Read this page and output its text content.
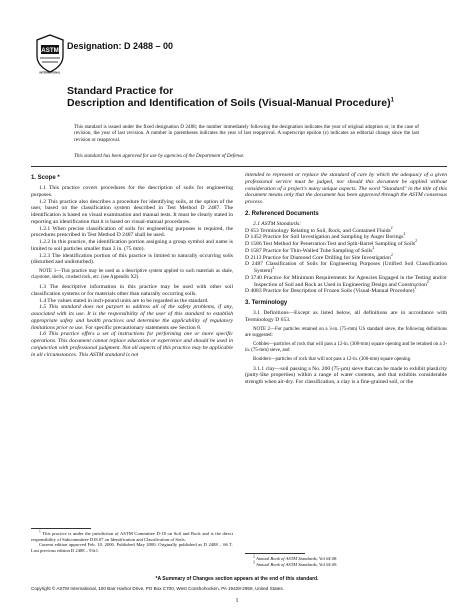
ASTM
INTERNATIONAL
Designation: D 2488 – 00
Standard Practice for
Description and Identification of Soils (Visual-Manual Procedure)$^1$
This standard is issued under the fixed designation D 2488; the number immediately following the designation indicates the year of original adoption or, in the case of revision, the year of last revision. A number in parentheses indicates the year of last reapproval. A superscript epsilon (ε) indicates an editorial change since the last revision or reapproval.
This standard has been approved for use by agencies of the Department of Defense.

1. Scope *

1.1 This practice covers procedures for the description of soils for engineering purposes.

1.2 This practice also describes a procedure for identifying soils, at the option of the user, based on the classification system described in Test Method D 2487. The identification is based on visual examination and manual tests. It must be clearly stated in reporting an identification that it is based on visual-manual procedures.

1.2.1 When precise classification of soils for engineering purposes is required, the procedures prescribed in Test Method D 2487 shall be used.

1.2.2 In this practice, the identification portion assigning a group symbol and name is limited to soil particles smaller than 3 in. (75 mm).

1.2.3 The identification portion of this practice is limited to naturally occurring soils (disturbed and undisturbed).

NOTE 1—This practice may be used as a descriptive system applied to such materials as shale, claystone, shells, crushed rock, etc. (see Appendix X2).

1.3 The descriptive information in this practice may be used with other soil classification systems or for materials other than naturally occurring soils.

1.4 The values stated in inch-pound units are to be regarded as the standard.

1.5 This standard does not purport to address all of the safety problems, if any, associated with its use. It is the responsibility of the user of this standard to establish appropriate safety and health practices and determine the applicability of regulatory limitations prior to use. For specific precautionary statements see Section 8.

1.6 This practice offers a set of instructions for performing one or more specific operations. This document cannot replace education or experience and should be used in conjunction with professional judgment. Not all aspects of this practice may be applicable in all circumstances. This ASTM standard is not

$^1$ This practice is under the jurisdiction of ASTM Committee D-18 on Soil and Rock and is the direct responsibility of Subcommittee D18.07 on Identification and Classification of Soils.

Current edition approved Feb. 10, 2000. Published May 2000. Originally published as D 2488 – 66 T. Last previous edition D 2488 – 93ε1.

intended to represent or replace the standard of care by which the adequacy of a given professional service must be judged, nor should this document be applied without consideration of a project's many unique aspects. The word "Standard" in the title of this document means only that the document has been approved through the ASTM consensus process.

2. Referenced Documents

2.1 ASTM Standards:

D 653 Terminology Relating to Soil, Rock, and Contained Fluids$^2$

D 1452 Practice for Soil Investigation and Sampling by Auger Borings$^2$

D 1586 Test Method for Penetration Test and Split-Barrel Sampling of Soils$^2$

D 1587 Practice for Thin-Walled Tube Sampling of Soils$^2$

D 2113 Practice for Diamond Core Drilling for Site Investigation$^2$

D 2487 Classification of Soils for Engineering Purposes (Unified Soil Classification System)$^2$

D 3740 Practice for Minimum Requirements for Agencies Engaged in the Testing and/or Inspection of Soil and Rock as Used in Engineering Design and Construction$^2$

D 4083 Practice for Description of Frozen Soils (Visual-Manual Procedure)$^3$

3. Terminology

3.1 Definitions—Except as listed below, all definitions are in accordance with Terminology D 653.

NOTE 2—For particles retained on a 3-in. (75-mm) US standard sieve, the following definitions are suggested:

Cobbles—particles of rock that will pass a 12-in. (300-mm) square opening and be retained on a 3-in. (75-mm) sieve, and

Boulders—particles of rock that will not pass a 12-in. (300-mm) square opening.

3.1.1 clay—soil passing a No. 200 (75-μm) sieve that can be made to exhibit plasticity (putty-like properties) within a range of water contents, and that exhibits considerable strength when air-dry. For classification, a clay is a fine-grained soil, or the

$^2$ Annual Book of ASTM Standards, Vol 04.08.

$^3$ Annual Book of ASTM Standards, Vol 04.09.

*A Summary of Changes section appears at the end of this standard.
Copyright © ASTM International, 100 Barr Harbor Drive, PO Box C700, West Conshohocken, PA 19428-2959, United States.
1
